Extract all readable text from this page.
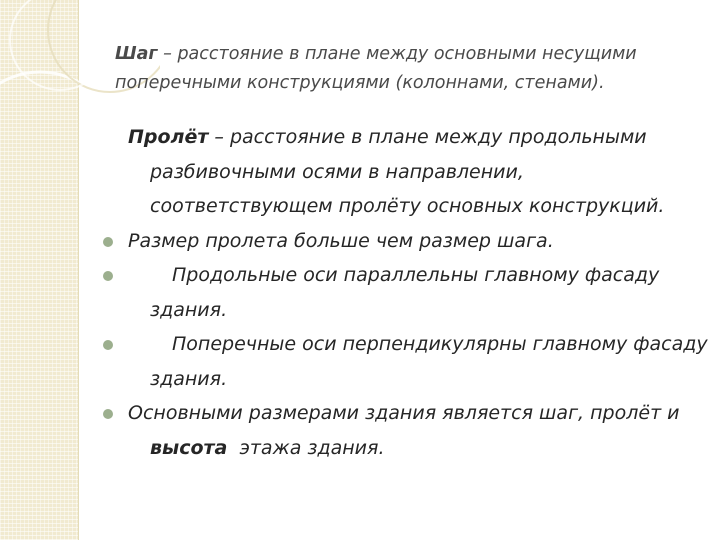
Шаг – расстояние в плане между основными несущими поперечными конструкциями (колоннами, стенами).

Пролёт – расстояние в плане между продольными разбивочными осями в направлении, соответствующем пролёту основных конструкций.

Размер пролета больше чем размер шага.

Продольные оси параллельны главному фасаду здания.

Поперечные оси перпендикулярны главному фасаду здания.

Основными размерами здания является шаг, пролёт и высота  этажа здания.
